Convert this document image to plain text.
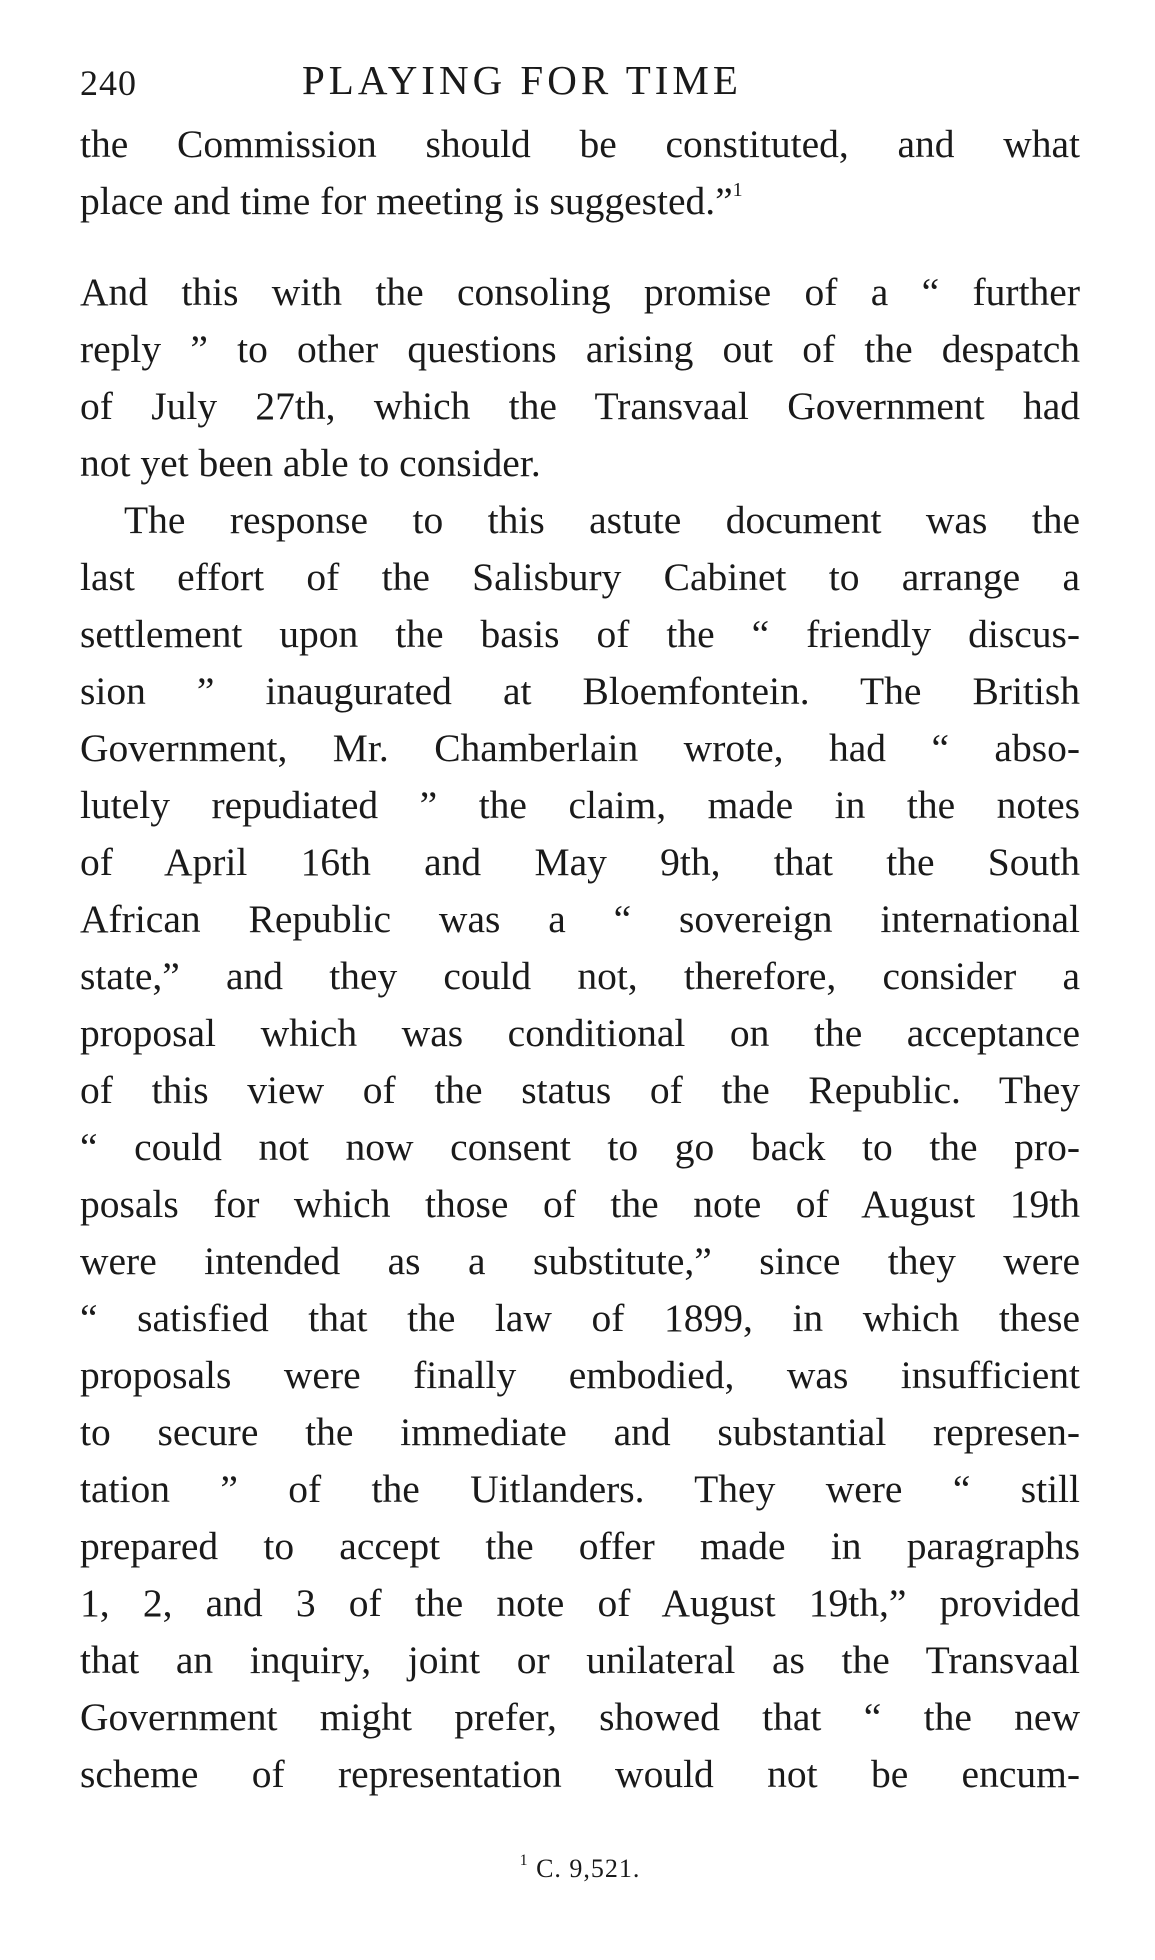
240	PLAYING FOR TIME
the Commission should be constituted, and what
place and time for meeting is suggested.”$^1$
And this with the consoling promise of a “ further
reply ” to other questions arising out of the despatch
of July 27th, which the Transvaal Government had
not yet been able to consider.
The response to this astute document was the
last effort of the Salisbury Cabinet to arrange a
settlement upon the basis of the “ friendly discus-
sion ” inaugurated at Bloemfontein. The British
Government, Mr. Chamberlain wrote, had “ abso-
lutely repudiated ” the claim, made in the notes
of April 16th and May 9th, that the South
African Republic was a “ sovereign international
state,” and they could not, therefore, consider a
proposal which was conditional on the acceptance
of this view of the status of the Republic. They
“ could not now consent to go back to the pro-
posals for which those of the note of August 19th
were intended as a substitute,” since they were
“ satisfied that the law of 1899, in which these
proposals were finally embodied, was insufficient
to secure the immediate and substantial represen-
tation ” of the Uitlanders. They were “ still
prepared to accept the offer made in paragraphs
1, 2, and 3 of the note of August 19th,” provided
that an inquiry, joint or unilateral as the Transvaal
Government might prefer, showed that “ the new
scheme of representation would not be encum-
$^1$ C. 9,521.
